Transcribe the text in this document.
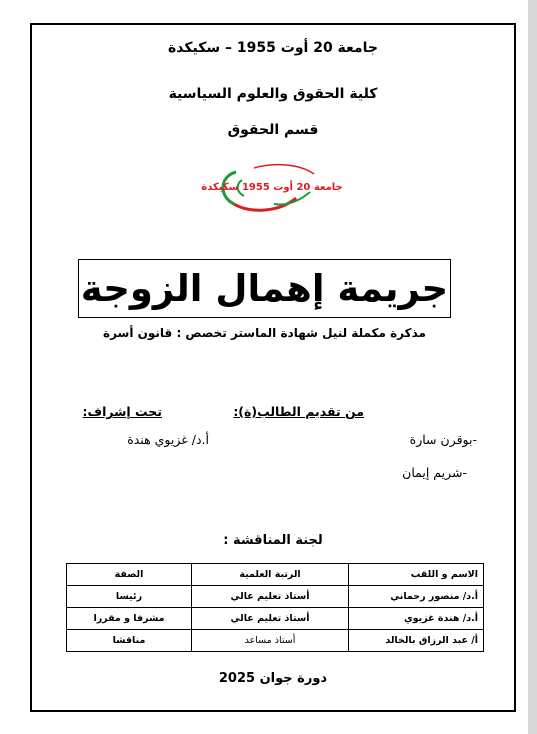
جامعة 20 أوت 1955 – سكيكدة
كلية الحقوق والعلوم السياسية
قسم الحقوق
جامعة 20 أوت 1955 سكيكدة
جريمة إهمال الزوجة
مذكرة مكملة لنيل شهادة الماستر تخصص : قانون أسرة
من تقديم الطالب(ة):
-بوقرن سارة
-شريم إيمان
تحت إشراف:
أ.د/ غزيوي هندة
لجنة المناقشة :
الاسم و اللقب	الرتبة العلمية	الصفة
أ.د/ منصور رحماني	أستاذ تعليم عالي	رئيسا
أ.د/ هندة غزيوي	أستاذ تعليم عالي	مشرفا و مقررا
أ/ عبد الرزاق بالخالد	أستاذ مساعد	مناقشا
دورة جوان 2025
